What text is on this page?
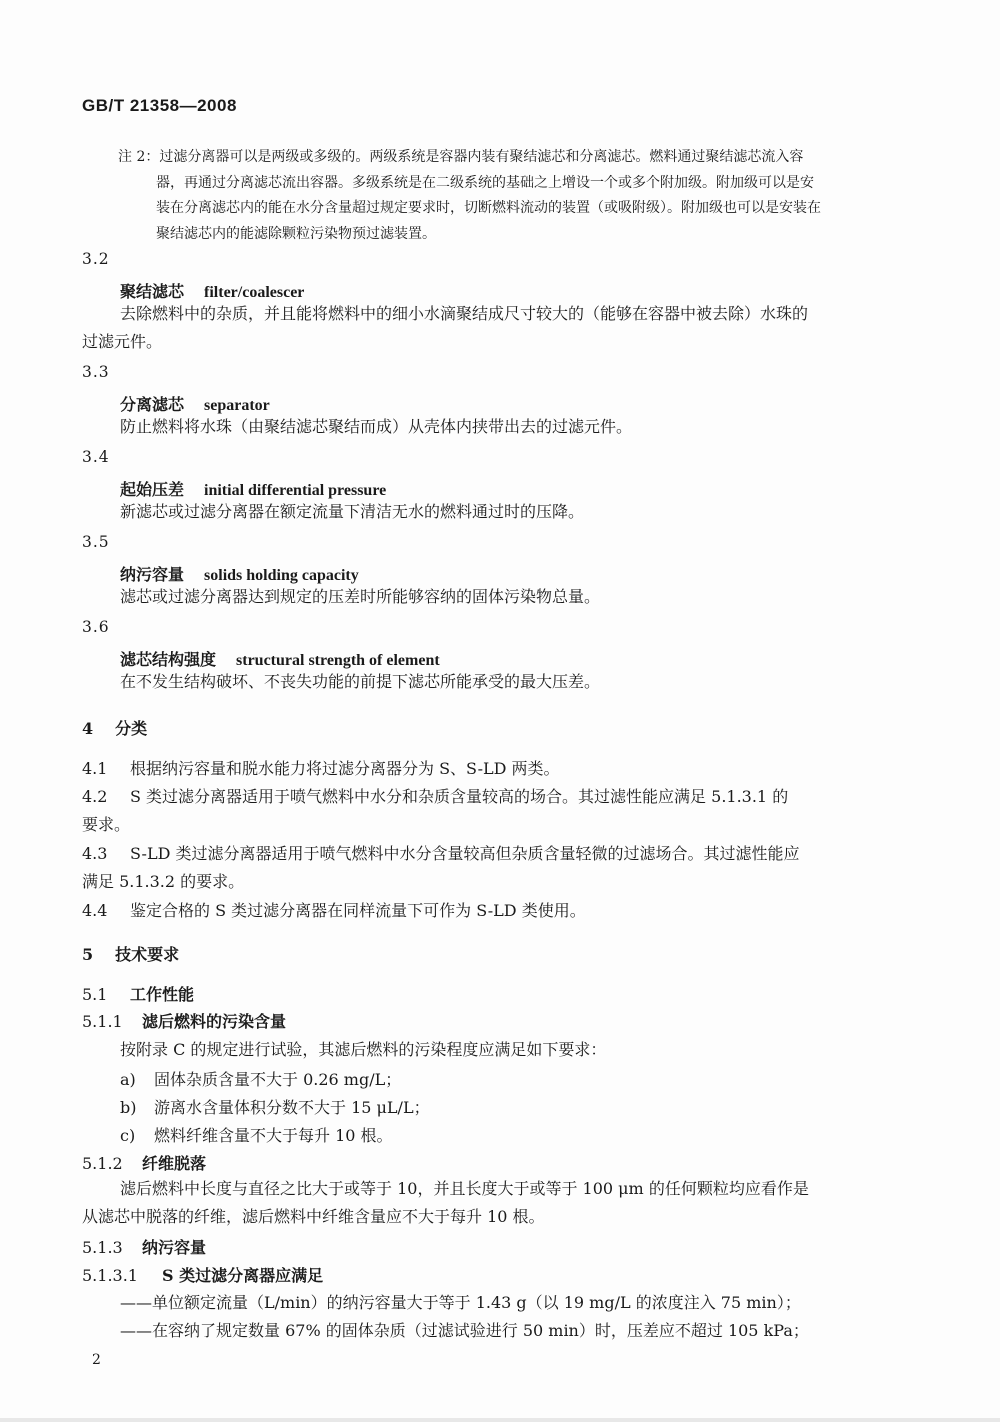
GB/T 21358—2008
注 2：过滤分离器可以是两级或多级的。两级系统是容器内装有聚结滤芯和分离滤芯。燃料通过聚结滤芯流入容
器，再通过分离滤芯流出容器。多级系统是在二级系统的基础之上增设一个或多个附加级。附加级可以是安
装在分离滤芯内的能在水分含量超过规定要求时，切断燃料流动的装置（或吸附级）。附加级也可以是安装在
聚结滤芯内的能滤除颗粒污染物预过滤装置。
3.2
聚结滤芯 filter/coalescer
去除燃料中的杂质，并且能将燃料中的细小水滴聚结成尺寸较大的（能够在容器中被去除）水珠的
过滤元件。
3.3
分离滤芯 separator
防止燃料将水珠（由聚结滤芯聚结而成）从壳体内挟带出去的过滤元件。
3.4
起始压差 initial differential pressure
新滤芯或过滤分离器在额定流量下清洁无水的燃料通过时的压降。
3.5
纳污容量 solids holding capacity
滤芯或过滤分离器达到规定的压差时所能够容纳的固体污染物总量。
3.6
滤芯结构强度 structural strength of element
在不发生结构破坏、不丧失功能的前提下滤芯所能承受的最大压差。
4 分类
4.1 根据纳污容量和脱水能力将过滤分离器分为 S、S-LD 两类。
4.2 S 类过滤分离器适用于喷气燃料中水分和杂质含量较高的场合。其过滤性能应满足 5.1.3.1 的
要求。
4.3 S-LD 类过滤分离器适用于喷气燃料中水分含量较高但杂质含量轻微的过滤场合。其过滤性能应
满足 5.1.3.2 的要求。
4.4 鉴定合格的 S 类过滤分离器在同样流量下可作为 S-LD 类使用。
5 技术要求
5.1 工作性能
5.1.1 滤后燃料的污染含量
按附录 C 的规定进行试验，其滤后燃料的污染程度应满足如下要求：
a) 固体杂质含量不大于 0.26 mg/L；
b) 游离水含量体积分数不大于 15 μL/L；
c) 燃料纤维含量不大于每升 10 根。
5.1.2 纤维脱落
滤后燃料中长度与直径之比大于或等于 10，并且长度大于或等于 100 μm 的任何颗粒均应看作是
从滤芯中脱落的纤维，滤后燃料中纤维含量应不大于每升 10 根。
5.1.3 纳污容量
5.1.3.1 S 类过滤分离器应满足
——单位额定流量（L/min）的纳污容量大于等于 1.43 g（以 19 mg/L 的浓度注入 75 min）；
——在容纳了规定数量 67% 的固体杂质（过滤试验进行 50 min）时，压差应不超过 105 kPa；
2
